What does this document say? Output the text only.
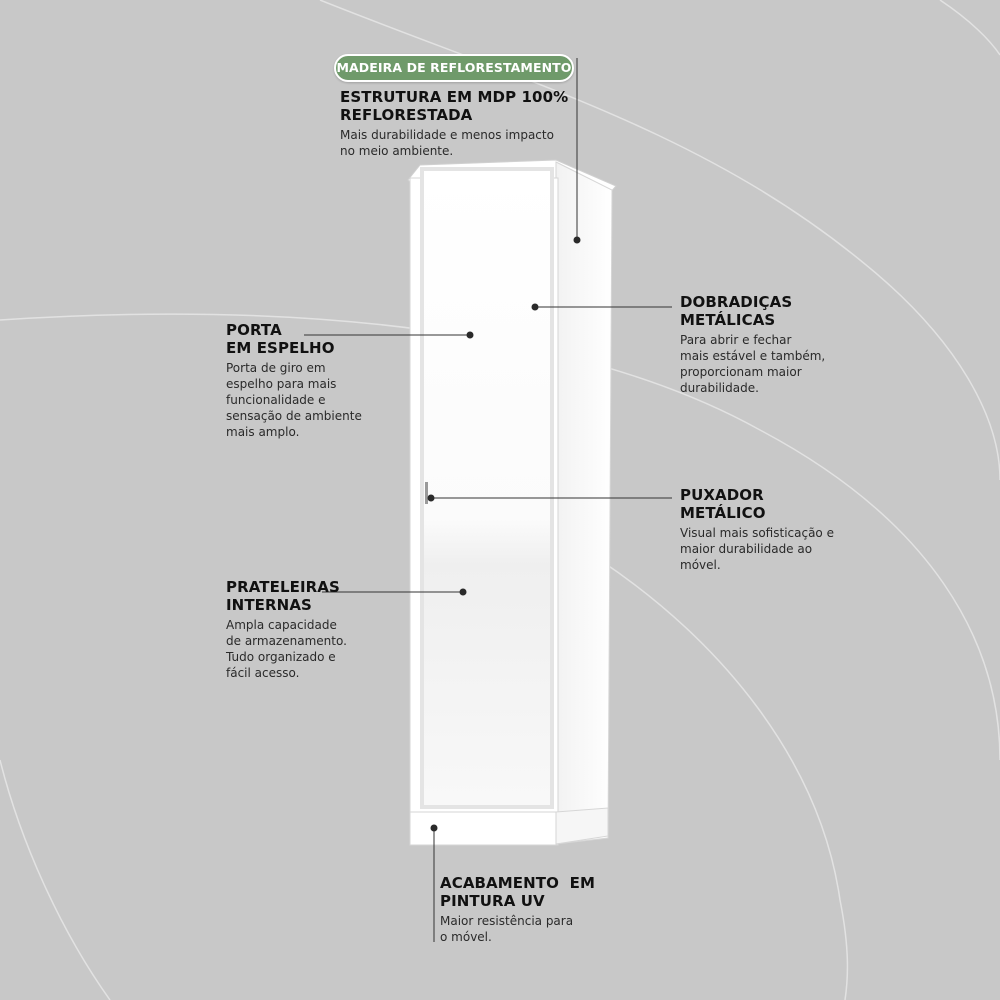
MADEIRA DE REFLORESTAMENTO
ESTRUTURA EM MDP 100%
REFLORESTADA
Mais durabilidade e menos impacto
no meio ambiente.
PORTA
EM ESPELHO
Porta de giro em
espelho para mais
funcionalidade e
sensação de ambiente
mais amplo.
DOBRADIÇAS
METÁLICAS
Para abrir e fechar
mais estável e também,
proporcionam maior
durabilidade.
PUXADOR
METÁLICO
Visual mais sofisticação e
maior durabilidade ao
móvel.
PRATELEIRAS
INTERNAS
Ampla capacidade
de armazenamento.
Tudo organizado e
fácil acesso.
ACABAMENTO  EM
PINTURA UV
Maior resistência para
o móvel.
